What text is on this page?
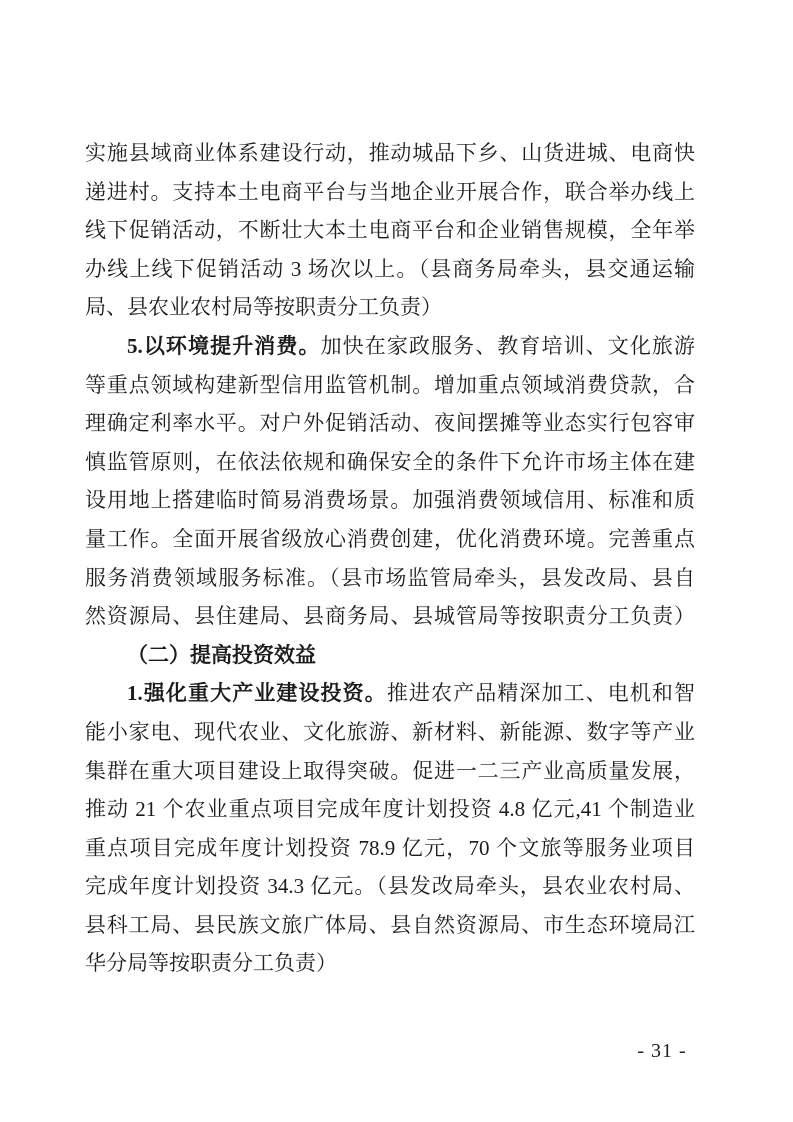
实施县域商业体系建设行动，推动城品下乡、山货进城、电商快
递进村。支持本土电商平台与当地企业开展合作，联合举办线上
线下促销活动，不断壮大本土电商平台和企业销售规模，全年举
办线上线下促销活动 3 场次以上。（县商务局牵头，县交通运输
局、县农业农村局等按职责分工负责）
5.以环境提升消费。加快在家政服务、教育培训、文化旅游
等重点领域构建新型信用监管机制。增加重点领域消费贷款，合
理确定利率水平。对户外促销活动、夜间摆摊等业态实行包容审
慎监管原则，在依法依规和确保安全的条件下允许市场主体在建
设用地上搭建临时简易消费场景。加强消费领域信用、标准和质
量工作。全面开展省级放心消费创建，优化消费环境。完善重点
服务消费领域服务标准。（县市场监管局牵头，县发改局、县自
然资源局、县住建局、县商务局、县城管局等按职责分工负责）
（二）提高投资效益
1.强化重大产业建设投资。推进农产品精深加工、电机和智
能小家电、现代农业、文化旅游、新材料、新能源、数字等产业
集群在重大项目建设上取得突破。促进一二三产业高质量发展，
推动 21 个农业重点项目完成年度计划投资 4.8 亿元,41 个制造业
重点项目完成年度计划投资 78.9 亿元，70 个文旅等服务业项目
完成年度计划投资 34.3 亿元。（县发改局牵头，县农业农村局、
县科工局、县民族文旅广体局、县自然资源局、市生态环境局江
华分局等按职责分工负责）
- 31 -
